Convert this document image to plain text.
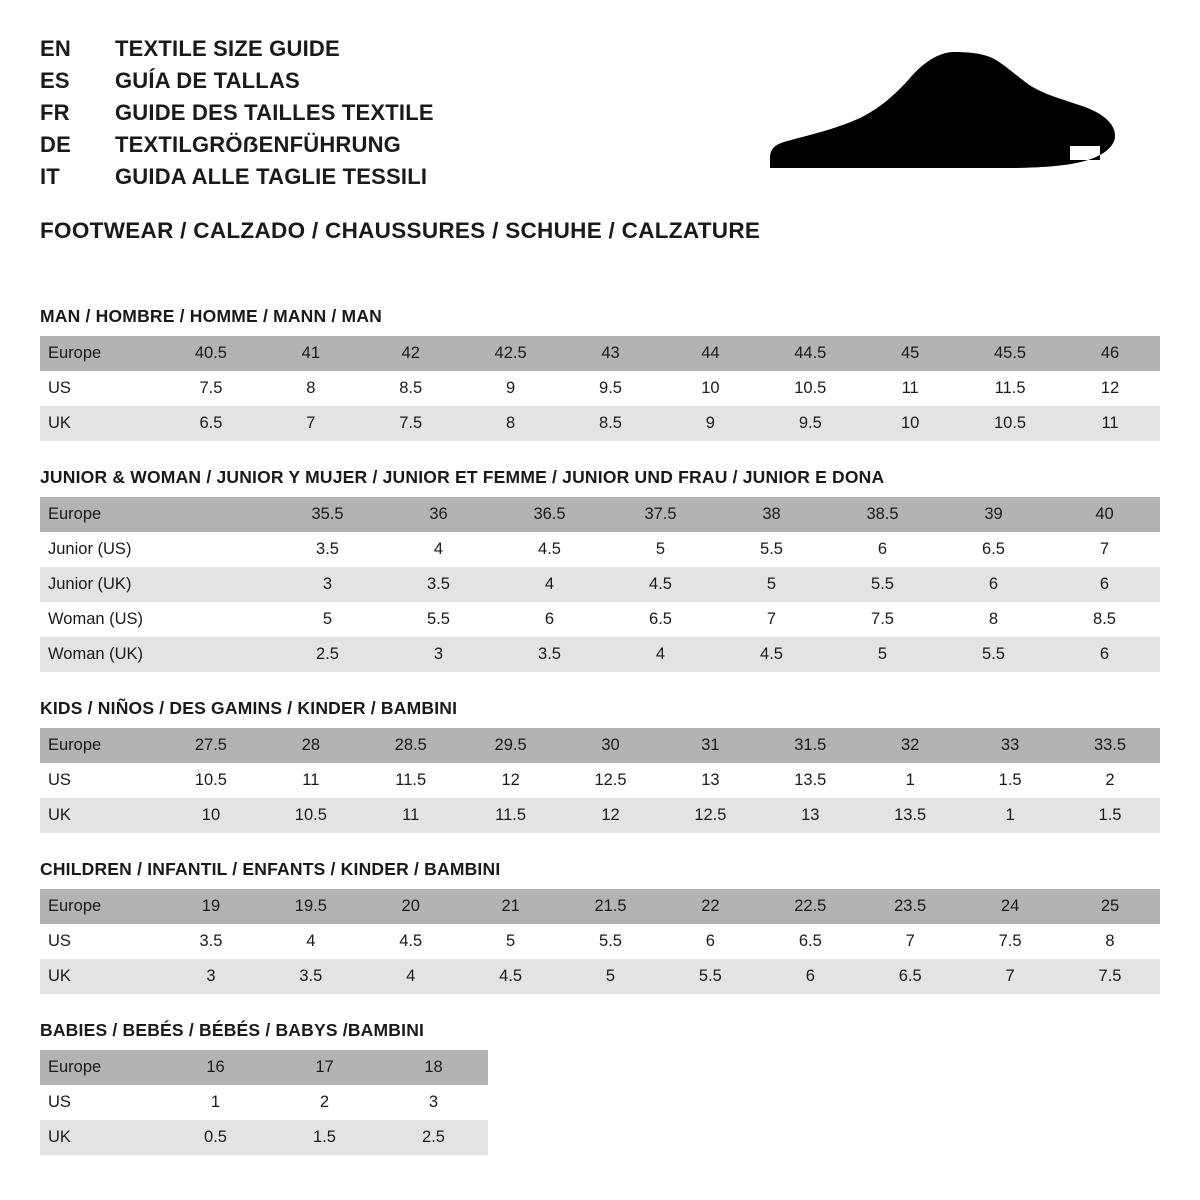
EN	TEXTILE SIZE GUIDE
ES	GUÍA DE TALLAS
FR	GUIDE DES TAILLES TEXTILE
DE	TEXTILGRÖẞENFÜHRUNG
IT	GUIDA ALLE TAGLIE TESSILI
FOOTWEAR / CALZADO / CHAUSSURES / SCHUHE / CALZATURE
MAN / HOMBRE / HOMME / MANN / MAN
Europe	40.5	41	42	42.5	43	44	44.5	45	45.5	46
US	7.5	8	8.5	9	9.5	10	10.5	11	11.5	12
UK	6.5	7	7.5	8	8.5	9	9.5	10	10.5	11
JUNIOR & WOMAN / JUNIOR Y MUJER / JUNIOR ET FEMME / JUNIOR UND FRAU / JUNIOR E DONA
Europe		35.5	36	36.5	37.5	38	38.5	39	40
Junior (US)		3.5	4	4.5	5	5.5	6	6.5	7
Junior (UK)		3	3.5	4	4.5	5	5.5	6	6
Woman (US)		5	5.5	6	6.5	7	7.5	8	8.5
Woman (UK)		2.5	3	3.5	4	4.5	5	5.5	6
KIDS / NIÑOS / DES GAMINS / KINDER / BAMBINI
Europe	27.5	28	28.5	29.5	30	31	31.5	32	33	33.5
US	10.5	11	11.5	12	12.5	13	13.5	1	1.5	2
UK	10	10.5	11	11.5	12	12.5	13	13.5	1	1.5
CHILDREN / INFANTIL / ENFANTS / KINDER / BAMBINI
Europe	19	19.5	20	21	21.5	22	22.5	23.5	24	25
US	3.5	4	4.5	5	5.5	6	6.5	7	7.5	8
UK	3	3.5	4	4.5	5	5.5	6	6.5	7	7.5
BABIES / BEBÉS / BÉBÉS / BABYS /BAMBINI
Europe	16	17	18
US	1	2	3
UK	0.5	1.5	2.5
